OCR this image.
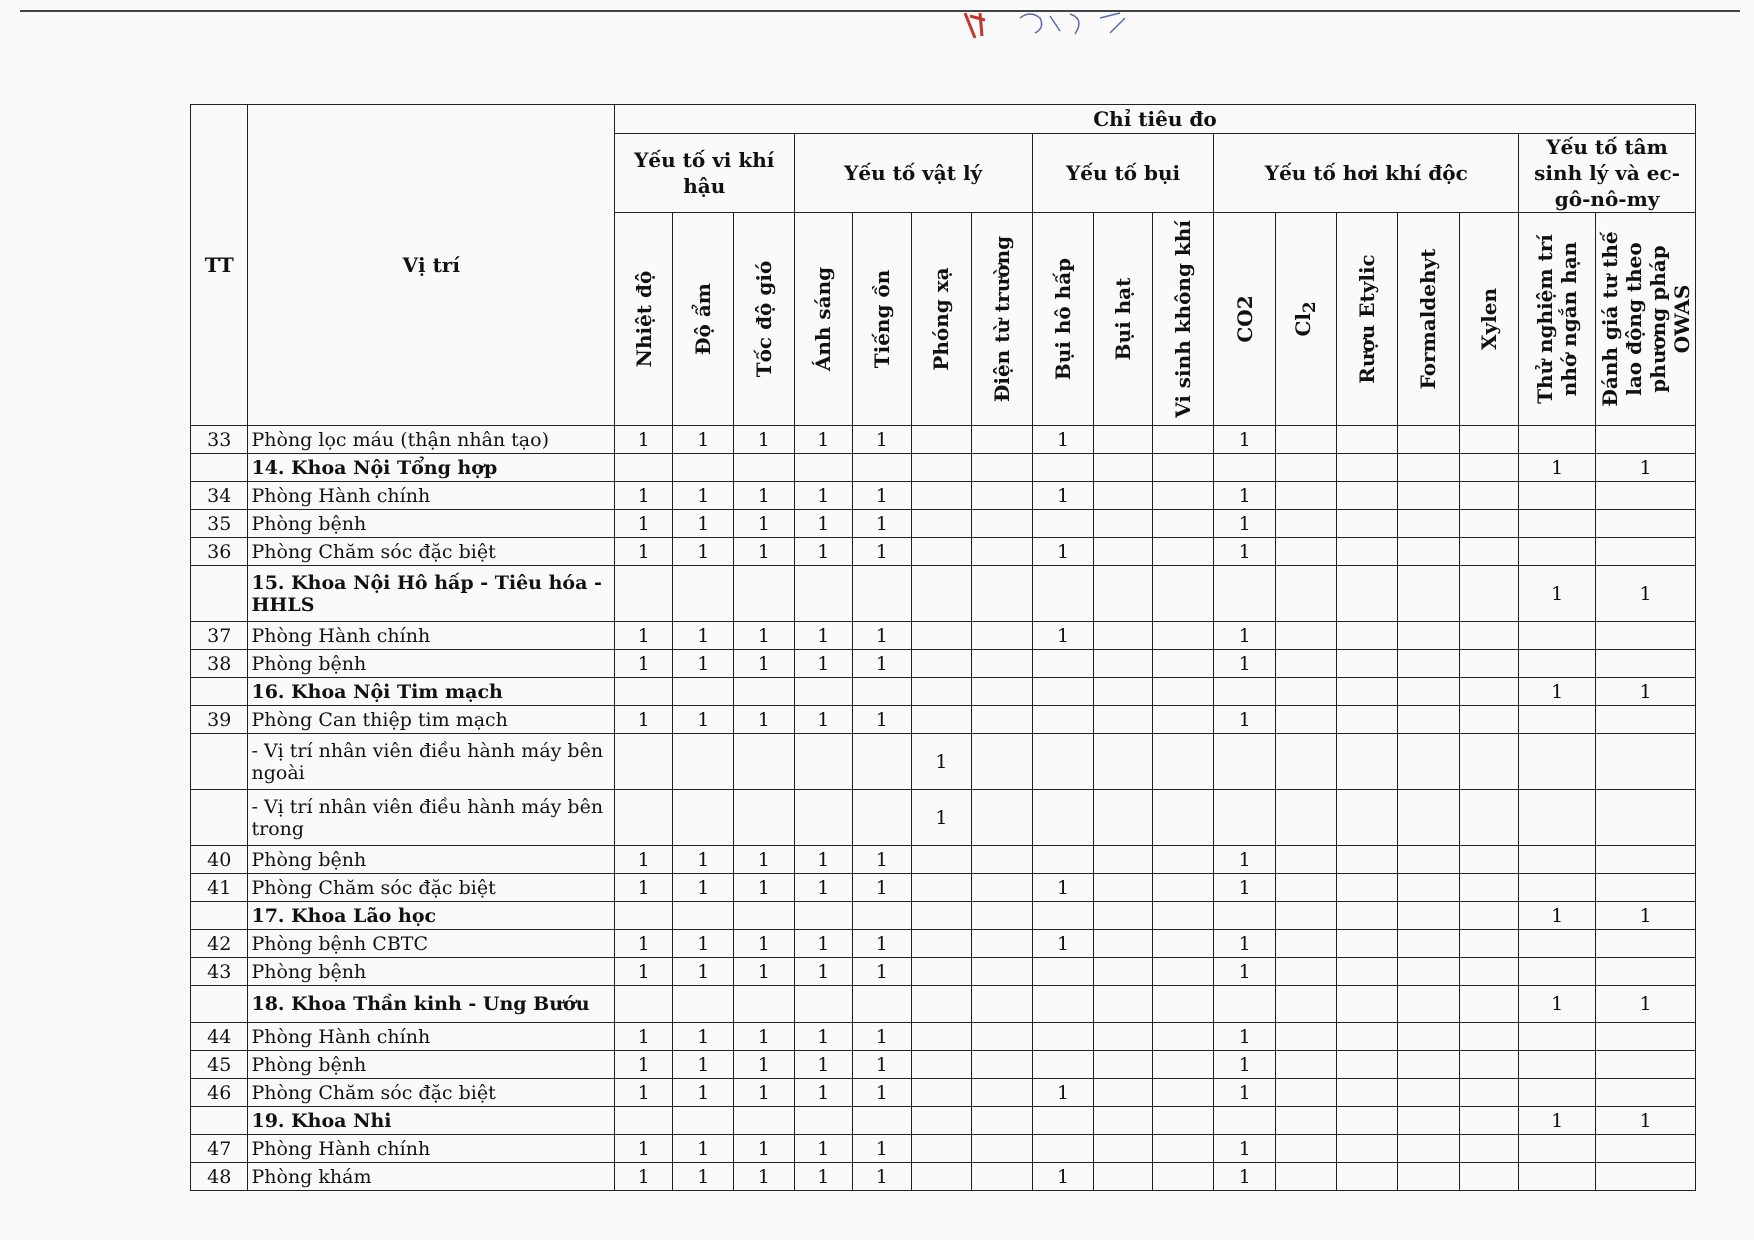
TT	Vị trí	Chỉ tiêu đo																
		Yếu tố vi khí hậu			Yếu tố vật lý				Yếu tố bụi			Yếu tố hơi khí độc					Yếu tố tâm sinh lý và ec-gô-nô-my	

		Nhiệt độ	Độ ẩm	Tốc độ gió	Ánh sáng	Tiếng ồn	Phóng xạ	Điện từ trường	Bụi hô hấp	Bụi hạt	Vi sinh không khí	CO2	$Cl_2$	Rượu Etylic	Formaldehyt	Xylen	Thử nghiệm trí nhớ ngắn hạn	Đánh giá tư thế lao động theo phương pháp OWAS

33	Phòng lọc máu (thận nhân tạo)	1	1	1	1	1			1			1						
	14. Khoa Nội Tổng hợp																1	1
34	Phòng Hành chính	1	1	1	1	1			1			1						
35	Phòng bệnh	1	1	1	1	1						1						
36	Phòng Chăm sóc đặc biệt	1	1	1	1	1			1			1						
	15. Khoa Nội Hô hấp - Tiêu hóa - HHLS																1	1
37	Phòng Hành chính	1	1	1	1	1			1			1						
38	Phòng bệnh	1	1	1	1	1						1						
	16. Khoa Nội Tim mạch																1	1
39	Phòng Can thiệp tim mạch	1	1	1	1	1						1						
	- Vị trí nhân viên điều hành máy bên ngoài						1											
	- Vị trí nhân viên điều hành máy bên trong						1											
40	Phòng bệnh	1	1	1	1	1						1						
41	Phòng Chăm sóc đặc biệt	1	1	1	1	1			1			1						
	17. Khoa Lão học																1	1
42	Phòng bệnh CBTC	1	1	1	1	1			1			1						
43	Phòng bệnh	1	1	1	1	1						1						
	18. Khoa Thần kinh - Ung Bướu																1	1
44	Phòng Hành chính	1	1	1	1	1						1						
45	Phòng bệnh	1	1	1	1	1						1						
46	Phòng Chăm sóc đặc biệt	1	1	1	1	1			1			1						
	19. Khoa Nhi																1	1
47	Phòng Hành chính	1	1	1	1	1						1						
48	Phòng khám	1	1	1	1	1			1			1						
